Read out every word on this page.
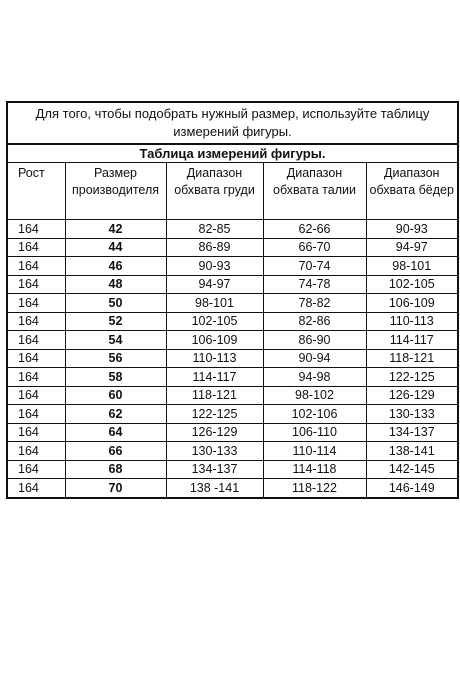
Для того, чтобы подобрать нужный размер, используйте таблицу измерений фигуры.				
Таблица измерений фигуры.				
Рост	Размер производителя	Диапазон обхвата груди	Диапазон обхвата талии	Диапазон обхвата бёдер
164	42	82-85	62-66	90-93
164	44	86-89	66-70	94-97
164	46	90-93	70-74	98-101
164	48	94-97	74-78	102-105
164	50	98-101	78-82	106-109
164	52	102-105	82-86	110-113
164	54	106-109	86-90	114-117
164	56	110-113	90-94	118-121
164	58	114-117	94-98	122-125
164	60	118-121	98-102	126-129
164	62	122-125	102-106	130-133
164	64	126-129	106-110	134-137
164	66	130-133	110-114	138-141
164	68	134-137	114-118	142-145
164	70	138 -141	118-122	146-149
